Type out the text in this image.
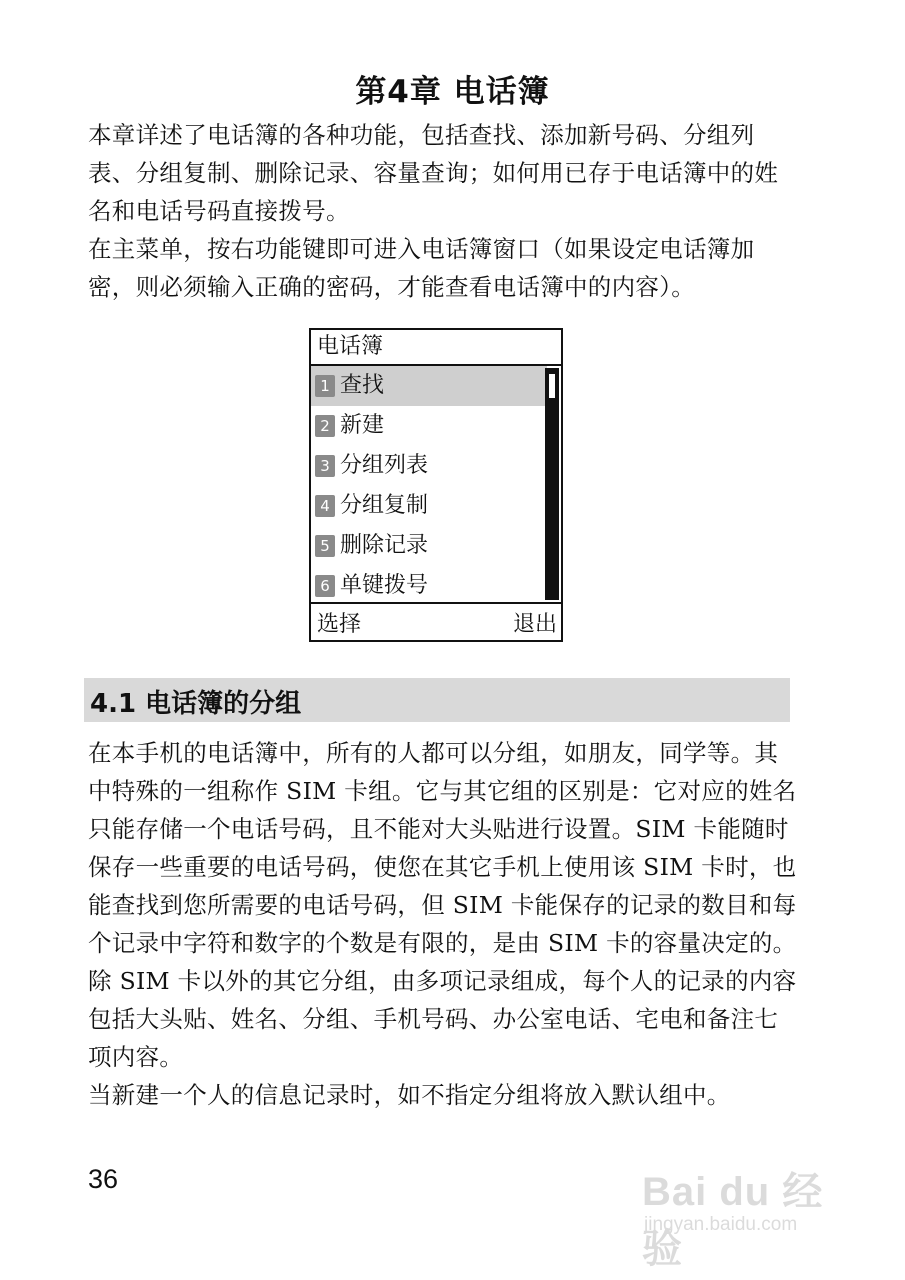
第4章 电话簿

本章详述了电话簿的各种功能，包括查找、添加新号码、分组列表、分组复制、删除记录、容量查询；如何用已存于电话簿中的姓名和电话号码直接拨号。

在主菜单，按右功能键即可进入电话簿窗口（如果设定电话簿加密，则必须输入正确的密码，才能查看电话簿中的内容）。

电话簿
1 查找
2 新建
3 分组列表
4 分组复制
5 删除记录
6 单键拨号
选择	退出
4.1 电话簿的分组

在本手机的电话簿中，所有的人都可以分组，如朋友，同学等。其中特殊的一组称作 SIM 卡组。它与其它组的区别是：它对应的姓名只能存储一个电话号码，且不能对大头贴进行设置。SIM 卡能随时保存一些重要的电话号码，使您在其它手机上使用该 SIM 卡时，也能查找到您所需要的电话号码，但 SIM 卡能保存的记录的数目和每个记录中字符和数字的个数是有限的，是由 SIM 卡的容量决定的。

除 SIM 卡以外的其它分组，由多项记录组成，每个人的记录的内容包括大头贴、姓名、分组、手机号码、办公室电话、宅电和备注七项内容。

当新建一个人的信息记录时，如不指定分组将放入默认组中。

36	Bai du 经验
jingyan.baidu.com
